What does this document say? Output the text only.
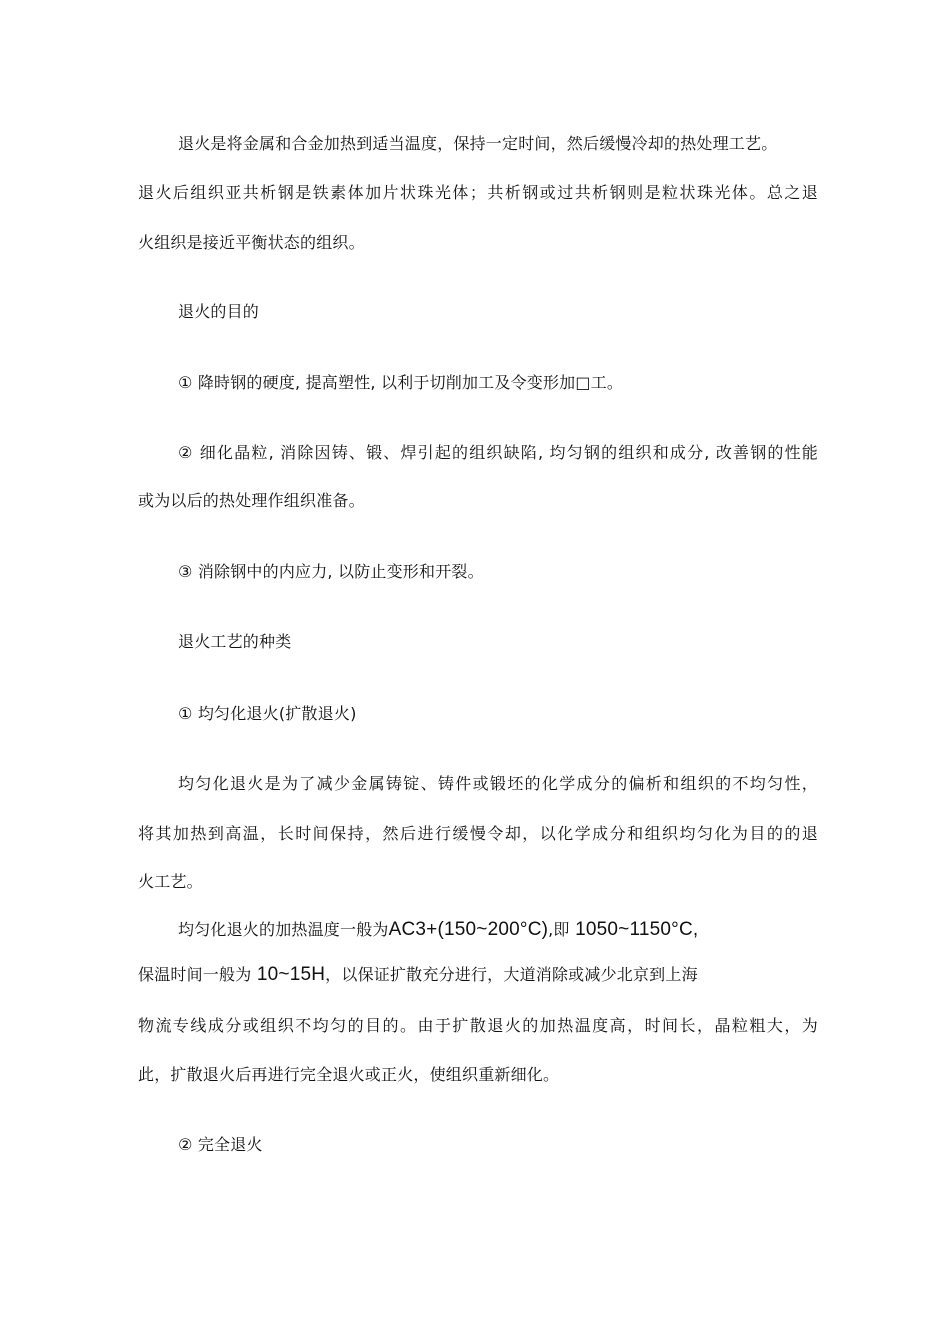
退火是将金属和合金加热到适当温度，保持一定时间，然后缓慢冷却的热处理工艺。
退火后组织亚共析钢是铁素体加片状珠光体；共析钢或过共析钢则是粒状珠光体。总之退
火组织是接近平衡状态的组织。
退火的目的
① 降時钢的硬度, 提高塑性, 以利于切削加工及令变形加□工。
② 细化晶粒, 消除因铸、锻、焊引起的组织缺陷, 均匀钢的组织和成分, 改善钢的性能
或为以后的热处理作组织准备。
③ 消除钢中的内应力, 以防止变形和开裂。
退火工艺的种类
① 均匀化退火(扩散退火)
均匀化退火是为了减少金属铸锭、铸件或锻坯的化学成分的偏析和组织的不均匀性，
将其加热到高温，长时间保持，然后进行缓慢令却，以化学成分和组织均匀化为目的的退
火工艺。
均匀化退火的加热温度一般为AC3+(150~200°C),即 1050~1150°C,
保温时间一般为 10~15H，以保证扩散充分进行，大道消除或减少北京到上海
物流专线成分或组织不均匀的目的。由于扩散退火的加热温度高，时间长，晶粒粗大，为
此，扩散退火后再进行完全退火或正火，使组织重新细化。
② 完全退火
